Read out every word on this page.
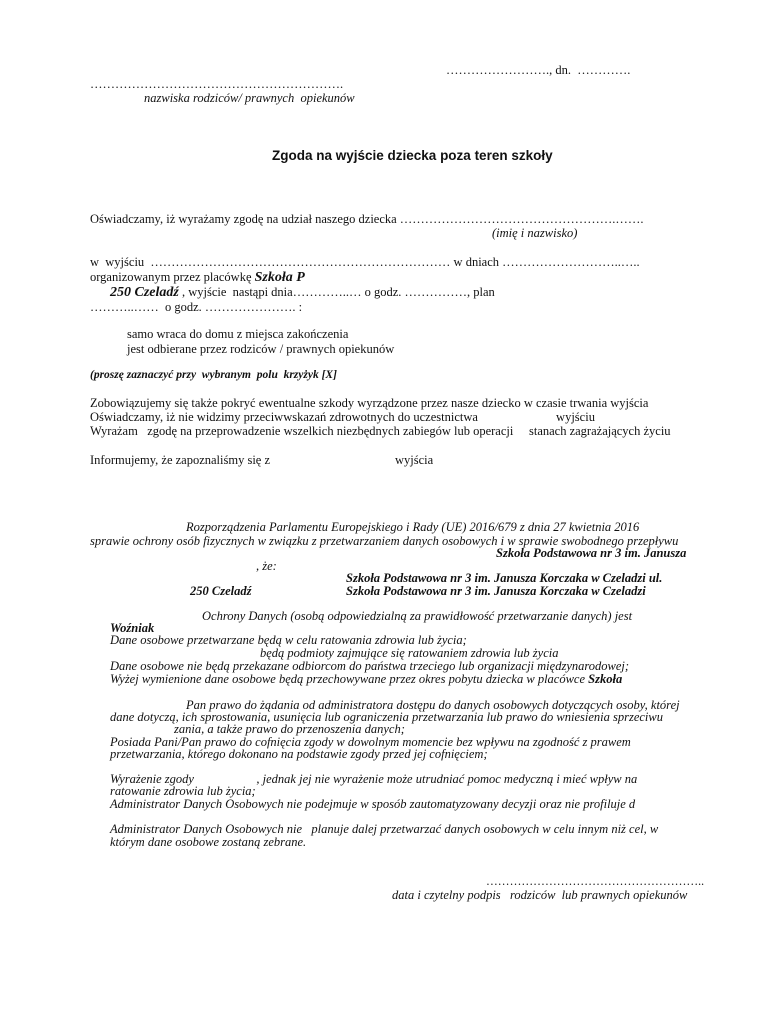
……………………., dn.  ………….
…………………………………………………….
nazwiska rodziców/ prawnych  opiekunów
Zgoda na wyjście dziecka poza teren szkoły
Oświadczamy, iż wyrażamy zgodę na udział naszego dziecka …………………………………………….…….
(imię i nazwisko)
w  wyjściu  ……………………………………………………………… w dniach ………………………..…..
organizowanym przez placówkę Szkoła P
250 Czeladź , wyjście  nastąpi dnia…………..… o godz. ……………, plan
………..……  o godz. …………………. :
samo wraca do domu z miejsca zakończenia
jest odbierane przez rodziców / prawnych opiekunów
(proszę zaznaczyć przy  wybranym  polu  krzyżyk [X]
Zobowiązujemy się także pokryć ewentualne szkody wyrządzone przez nasze dziecko w czasie trwania wyjścia
Oświadczamy, iż nie widzimy przeciwwskazań zdrowotnych do uczestnictwa                         wyjściu
Wyrażam   zgodę na przeprowadzenie wszelkich niezbędnych zabiegów lub operacji     stanach zagrażających życiu
Informujemy, że zapoznaliśmy się z                                        wyjścia
Rozporządzenia Parlamentu Europejskiego i Rady (UE) 2016/679 z dnia 27 kwietnia 2016
sprawie ochrony osób fizycznych w związku z przetwarzaniem danych osobowych i w sprawie swobodnego przepływu
Szkoła Podstawowa nr 3 im. Janusza
, że:
Szkoła Podstawowa nr 3 im. Janusza Korczaka w Czeladzi ul.
250 Czeladź	Szkoła Podstawowa nr 3 im. Janusza Korczaka w Czeladzi
Ochrony Danych (osobą odpowiedzialną za prawidłowość przetwarzanie danych) jest
Woźniak
Dane osobowe przetwarzane będą w celu ratowania zdrowia lub życia;
będą podmioty zajmujące się ratowaniem zdrowia lub życia
Dane osobowe nie będą przekazane odbiorcom do państwa trzeciego lub organizacji międzynarodowej;
Wyżej wymienione dane osobowe będą przechowywane przez okres pobytu dziecka w placówce Szkoła
Pan prawo do żądania od administratora dostępu do danych osobowych dotyczących osoby, której
dane dotyczą, ich sprostowania, usunięcia lub ograniczenia przetwarzania lub prawo do wniesienia sprzeciwu
zania, a także prawo do przenoszenia danych;
Posiada Pani/Pan prawo do cofnięcia zgody w dowolnym momencie bez wpływu na zgodność z prawem
przetwarzania, którego dokonano na podstawie zgody przed jej cofnięciem;
Wyrażenie zgody                    , jednak jej nie wyrażenie może utrudniać pomoc medyczną i mieć wpływ na
ratowanie zdrowia lub życia;
Administrator Danych Osobowych nie podejmuje w sposób zautomatyzowany decyzji oraz nie profiluje d
Administrator Danych Osobowych nie   planuje dalej przetwarzać danych osobowych w celu innym niż cel, w
którym dane osobowe zostaną zebrane.
………………………………………………..
data i czytelny podpis   rodziców  lub prawnych opiekunów
